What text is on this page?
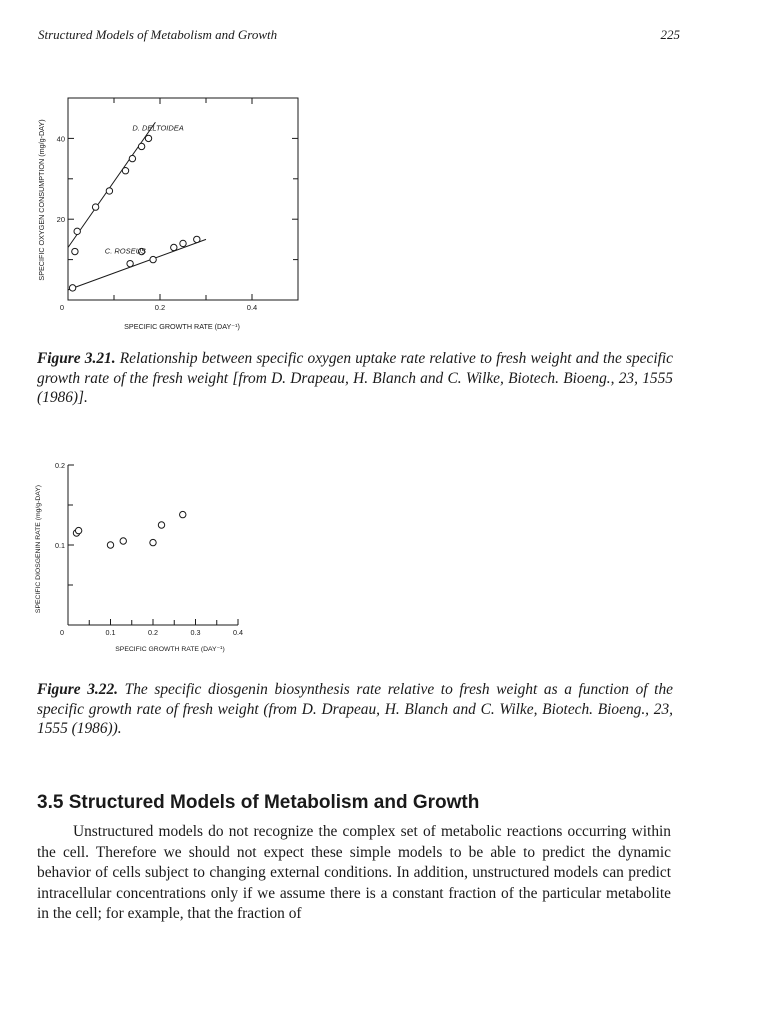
Structured Models of Metabolism and Growth	225
SPECIFIC OXYGEN CONSUMPTION (mg/g-DAY)
SPECIFIC GROWTH RATE (DAY⁻¹)
0	0.2	0.4
20
40
D. DELTOIDEA
C. ROSEUS
Figure 3.21. Relationship between specific oxygen uptake rate relative to fresh weight and the specific growth rate of the fresh weight [from D. Drapeau, H. Blanch and C. Wilke, Biotech. Bioeng., 23, 1555 (1986)].
SPECIFIC DIOSGENIN RATE (mg/g-DAY)
SPECIFIC GROWTH RATE (DAY⁻¹)
0	0.1	0.2	0.3	0.4
0.1
0.2
Figure 3.22. The specific diosgenin biosynthesis rate relative to fresh weight as a function of the specific growth rate of fresh weight (from D. Drapeau, H. Blanch and C. Wilke, Biotech. Bioeng., 23, 1555 (1986)).
3.5 Structured Models of Metabolism and Growth
Unstructured models do not recognize the complex set of metabolic reactions occurring within the cell. Therefore we should not expect these simple models to be able to predict the dynamic behavior of cells subject to changing external conditions. In addition, unstructured models can predict intracellular concentrations only if we assume there is a constant fraction of the particular metabolite in the cell; for example, that the fraction of
